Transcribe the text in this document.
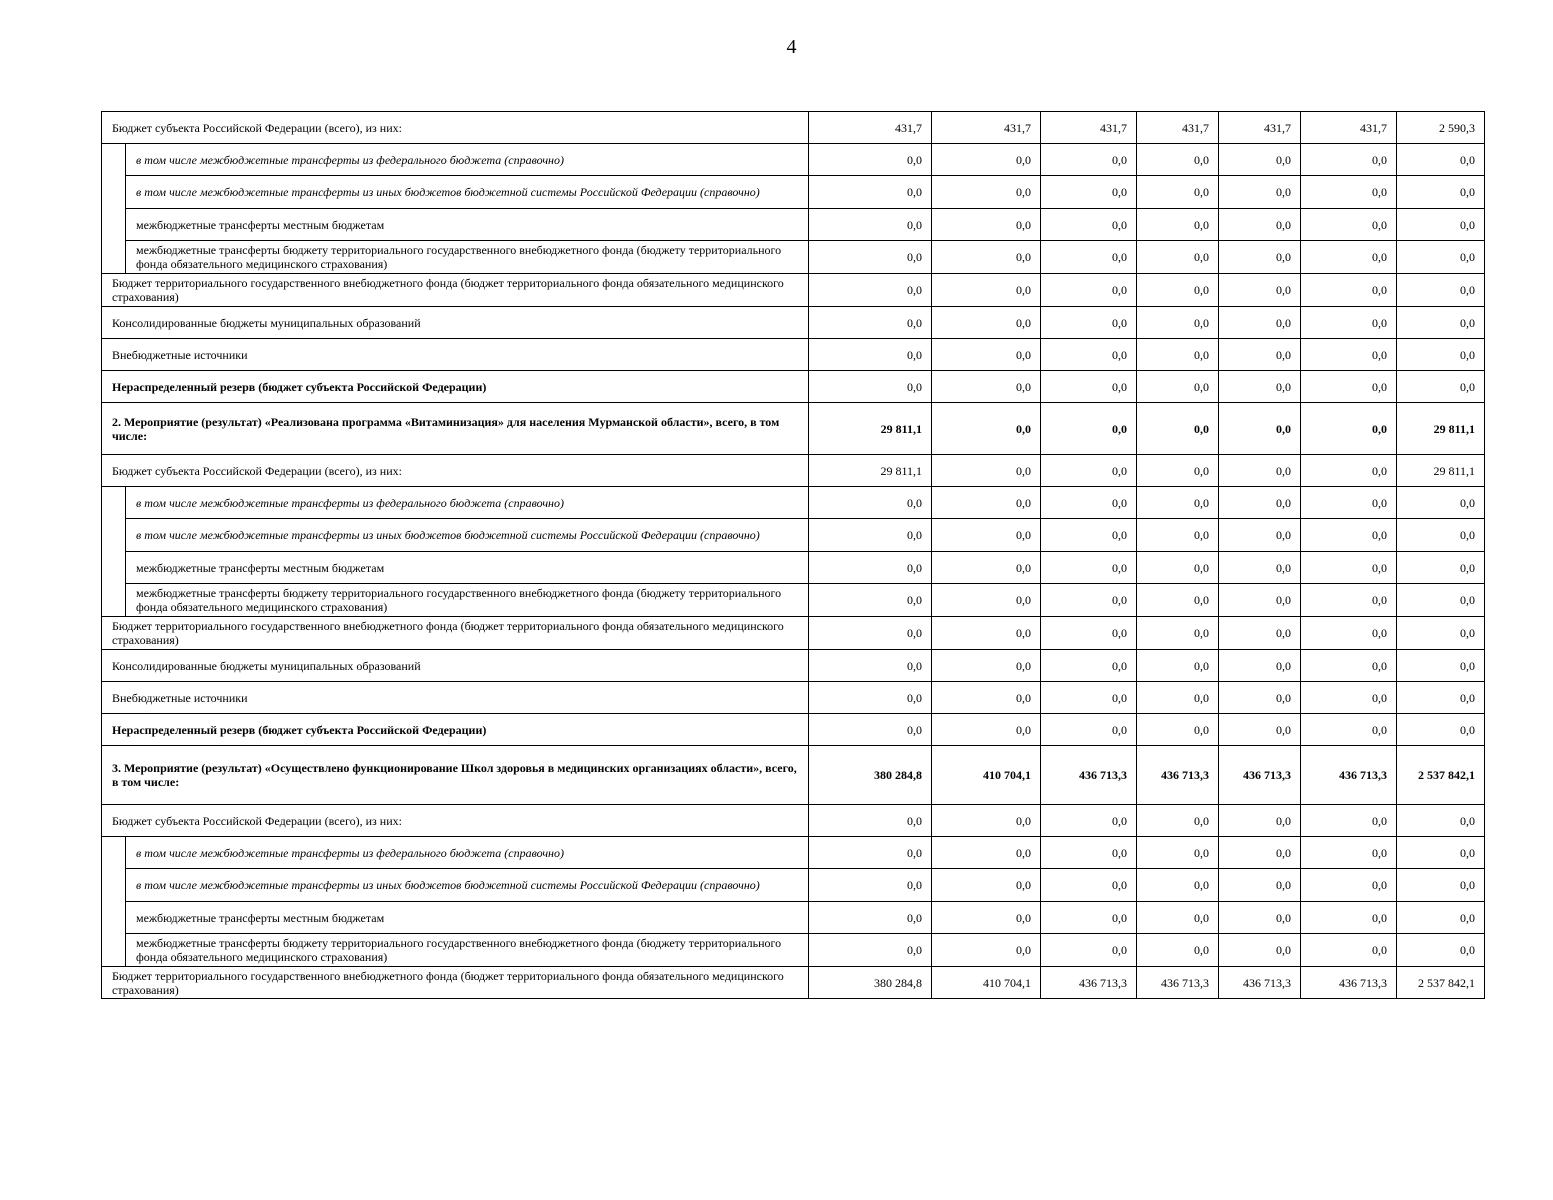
4
Бюджет субъекта Российской Федерации (всего), из них:		431,7	431,7	431,7	431,7	431,7	431,7	2 590,3
	в том числе межбюджетные трансферты из федерального бюджета (справочно)	0,0	0,0	0,0	0,0	0,0	0,0	0,0
	в том числе межбюджетные трансферты из иных бюджетов бюджетной системы Российской Федерации (справочно)	0,0	0,0	0,0	0,0	0,0	0,0	0,0
	межбюджетные трансферты местным бюджетам	0,0	0,0	0,0	0,0	0,0	0,0	0,0
	межбюджетные трансферты бюджету территориального государственного внебюджетного фонда (бюджету территориального фонда обязательного медицинского страхования)	0,0	0,0	0,0	0,0	0,0	0,0	0,0
Бюджет территориального государственного внебюджетного фонда (бюджет территориального фонда обязательного медицинского страхования)		0,0	0,0	0,0	0,0	0,0	0,0	0,0
Консолидированные бюджеты муниципальных образований		0,0	0,0	0,0	0,0	0,0	0,0	0,0
Внебюджетные источники		0,0	0,0	0,0	0,0	0,0	0,0	0,0
Нераспределенный резерв (бюджет субъекта Российской Федерации)		0,0	0,0	0,0	0,0	0,0	0,0	0,0
2. Мероприятие (результат) «Реализована программа «Витаминизация» для населения Мурманской области», всего, в том числе:		29 811,1	0,0	0,0	0,0	0,0	0,0	29 811,1
Бюджет субъекта Российской Федерации (всего), из них:		29 811,1	0,0	0,0	0,0	0,0	0,0	29 811,1
	в том числе межбюджетные трансферты из федерального бюджета (справочно)	0,0	0,0	0,0	0,0	0,0	0,0	0,0
	в том числе межбюджетные трансферты из иных бюджетов бюджетной системы Российской Федерации (справочно)	0,0	0,0	0,0	0,0	0,0	0,0	0,0
	межбюджетные трансферты местным бюджетам	0,0	0,0	0,0	0,0	0,0	0,0	0,0
	межбюджетные трансферты бюджету территориального государственного внебюджетного фонда (бюджету территориального фонда обязательного медицинского страхования)	0,0	0,0	0,0	0,0	0,0	0,0	0,0
Бюджет территориального государственного внебюджетного фонда (бюджет территориального фонда обязательного медицинского страхования)		0,0	0,0	0,0	0,0	0,0	0,0	0,0
Консолидированные бюджеты муниципальных образований		0,0	0,0	0,0	0,0	0,0	0,0	0,0
Внебюджетные источники		0,0	0,0	0,0	0,0	0,0	0,0	0,0
Нераспределенный резерв (бюджет субъекта Российской Федерации)		0,0	0,0	0,0	0,0	0,0	0,0	0,0
3. Мероприятие (результат) «Осуществлено функционирование Школ здоровья в медицинских организациях области», всего, в том числе:		380 284,8	410 704,1	436 713,3	436 713,3	436 713,3	436 713,3	2 537 842,1
Бюджет субъекта Российской Федерации (всего), из них:		0,0	0,0	0,0	0,0	0,0	0,0	0,0
	в том числе межбюджетные трансферты из федерального бюджета (справочно)	0,0	0,0	0,0	0,0	0,0	0,0	0,0
	в том числе межбюджетные трансферты из иных бюджетов бюджетной системы Российской Федерации (справочно)	0,0	0,0	0,0	0,0	0,0	0,0	0,0
	межбюджетные трансферты местным бюджетам	0,0	0,0	0,0	0,0	0,0	0,0	0,0
	межбюджетные трансферты бюджету территориального государственного внебюджетного фонда (бюджету территориального фонда обязательного медицинского страхования)	0,0	0,0	0,0	0,0	0,0	0,0	0,0
Бюджет территориального государственного внебюджетного фонда (бюджет территориального фонда обязательного медицинского страхования)		380 284,8	410 704,1	436 713,3	436 713,3	436 713,3	436 713,3	2 537 842,1
